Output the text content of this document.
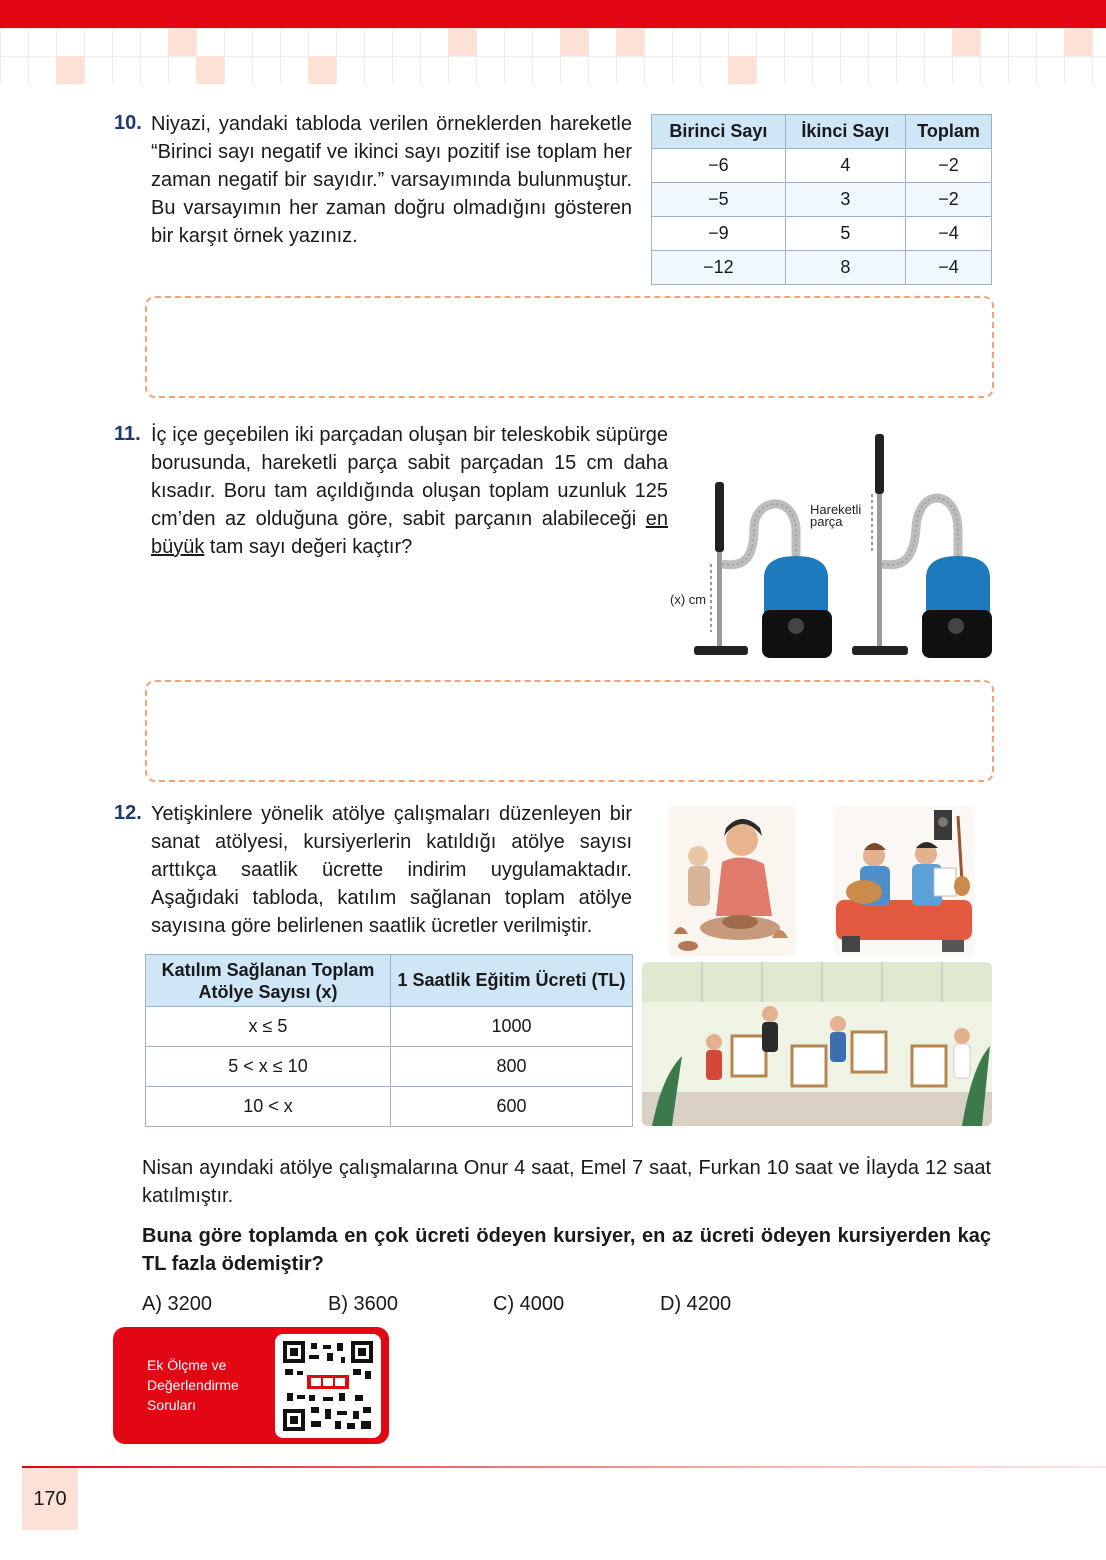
10. Niyazi, yandaki tabloda verilen örneklerden hareketle “Birinci sayı negatif ve ikinci sayı pozitif ise toplam her zaman negatif bir sayıdır.” varsayımında bulunmuştur. Bu varsayımın her zaman doğru olmadığını gösteren bir karşıt örnek yazınız.
Birinci Sayı	İkinci Sayı	Toplam
−6	4	−2
−5	3	−2
−9	5	−4
−12	8	−4
11. İç içe geçebilen iki parçadan oluşan bir teleskobik süpürge borusunda, hareketli parça sabit parçadan 15 cm daha kısadır. Boru tam açıldığında oluşan toplam uzunluk 125 cm’den az olduğuna göre, sabit parçanın alabileceği en büyük tam sayı değeri kaçtır?
(x) cm
Hareketli
parça
12. Yetişkinlere yönelik atölye çalışmaları düzenleyen bir sanat atölyesi, kursiyerlerin katıldığı atölye sayısı arttıkça saatlik ücrette indirim uygulamaktadır. Aşağıdaki tabloda, katılım sağlanan toplam atölye sayısına göre belirlenen saatlik ücretler verilmiştir.
Katılım Sağlanan Toplam
Atölye Sayısı (x)	1 Saatlik Eğitim Ücreti (TL)
x ≤ 5	1000
5 < x ≤ 10	800
10 < x	600
Nisan ayındaki atölye çalışmalarına Onur 4 saat, Emel 7 saat, Furkan 10 saat ve İlayda 12 saat katılmıştır.
Buna göre toplamda en çok ücreti ödeyen kursiyer, en az ücreti ödeyen kursiyerden kaç TL fazla ödemiştir?
A) 3200	B) 3600	C) 4000	D) 4200
Ek Ölçme ve
Değerlendirme
Soruları
170
